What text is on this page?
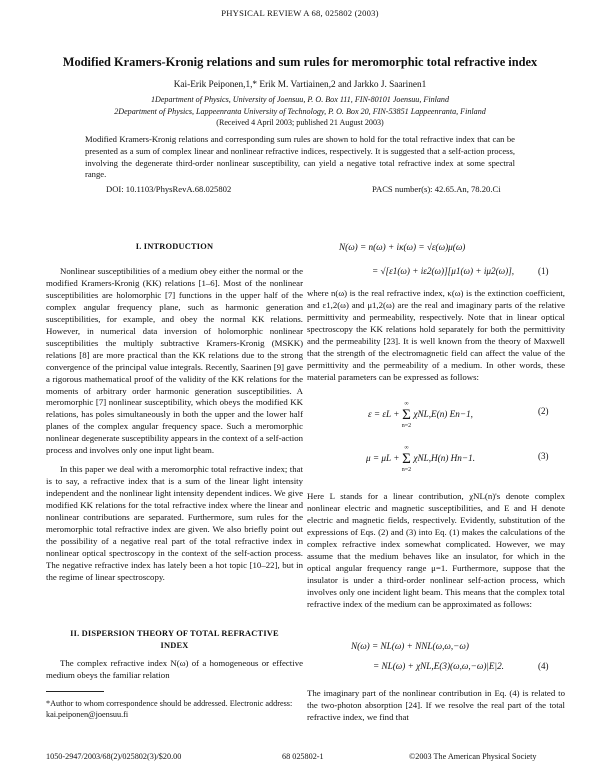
PHYSICAL REVIEW A 68, 025802 (2003)
Modified Kramers-Kronig relations and sum rules for meromorphic total refractive index
Kai-Erik Peiponen,1,* Erik M. Vartiainen,2 and Jarkko J. Saarinen1
1Department of Physics, University of Joensuu, P. O. Box 111, FIN-80101 Joensuu, Finland
2Department of Physics, Lappeenranta University of Technology, P. O. Box 20, FIN-53851 Lappeenranta, Finland
(Received 4 April 2003; published 21 August 2003)
Modified Kramers-Kronig relations and corresponding sum rules are shown to hold for the total refractive index that can be presented as a sum of complex linear and nonlinear refractive indices, respectively. It is suggested that a self-action process, involving the degenerate third-order nonlinear susceptibility, can yield a negative total refractive index at some spectral range.
DOI: 10.1103/PhysRevA.68.025802	PACS number(s): 42.65.An, 78.20.Ci
I. INTRODUCTION
Nonlinear susceptibilities of a medium obey either the normal or the modified Kramers-Kronig (KK) relations [1–6]. Most of the nonlinear susceptibilities are holomorphic [7] functions in the upper half of the complex angular frequency plane, such as harmonic generation susceptibilities, for example, and obey the normal KK relations. However, in numerical data inversion of holomorphic nonlinear susceptibilities the multiply subtractive Kramers-Kronig (MSKK) relations [8] are more practical than the KK relations due to the strong convergence of the principal value integrals. Recently, Saarinen [9] gave a rigorous mathematical proof of the validity of the KK relations for the moments of arbitrary order harmonic generation susceptibilities. A meromorphic [7] nonlinear susceptibility, which obeys the modified KK relations, has poles simultaneously in both the upper and the lower half planes of the complex angular frequency space. Such a meromorphic nonlinear degenerate susceptibility appears in the context of a self-action process and involves only one input light beam.
In this paper we deal with a meromorphic total refractive index; that is to say, a refractive index that is a sum of the linear light intensity independent and the nonlinear light intensity dependent indices. We give modified KK relations for the total refractive index where the linear and nonlinear contributions are separated. Furthermore, sum rules for the meromorphic total refractive index are given. We also briefly point out the possibility of a negative real part of the total refractive index in nonlinear optical spectroscopy in the context of the self-action process. The negative refractive index has lately been a hot topic [10–22], but in the regime of linear spectroscopy.
II. DISPERSION THEORY OF TOTAL REFRACTIVE
INDEX
The complex refractive index N(ω) of a homogeneous or effective medium obeys the familiar relation
*Author to whom correspondence should be addressed. Electronic address: kai.peiponen@joensuu.fi
N(ω) = n(ω) + iκ(ω) = √ε(ω)μ(ω)
= √[ε1(ω) + iε2(ω)][μ1(ω) + iμ2(ω)],	(1)
where n(ω) is the real refractive index, κ(ω) is the extinction coefficient, and ε1,2(ω) and μ1,2(ω) are the real and imaginary parts of the relative permittivity and permeability, respectively. Note that in linear optical spectroscopy the KK relations hold separately for both the permittivity and the permeability [23]. It is well known from the theory of Maxwell that the strength of the electromagnetic field can affect the value of the permittivity and the permeability of a medium. In other words, these material parameters can be expressed as follows:
ε = εL +
∞
Σ
n=2
χNL,E(n) En−1,	(2)
μ = μL +
∞
Σ
n=2
χNL,H(n) Hn−1.	(3)
Here L stands for a linear contribution, χNL(n)'s denote complex nonlinear electric and magnetic susceptibilities, and E and H denote electric and magnetic fields, respectively. Evidently, substitution of the expressions of Eqs. (2) and (3) into Eq. (1) makes the calculations of the complex refractive index somewhat complicated. However, we may assume that the medium behaves like an insulator, for which in the optical angular frequency range μ=1. Furthermore, suppose that the insulator is under a third-order nonlinear self-action process, which involves only one incident light beam. This means that the complex total refractive index of the medium can be approximated as follows:
N(ω) = NL(ω) + NNL(ω,ω,−ω)
= NL(ω) + χNL,E(3)(ω,ω,−ω)|E|2.	(4)
The imaginary part of the nonlinear contribution in Eq. (4) is related to the two-photon absorption [24]. If we resolve the real part of the total refractive index, we find that
1050-2947/2003/68(2)/025802(3)/$20.00	68 025802-1	©2003 The American Physical Society
